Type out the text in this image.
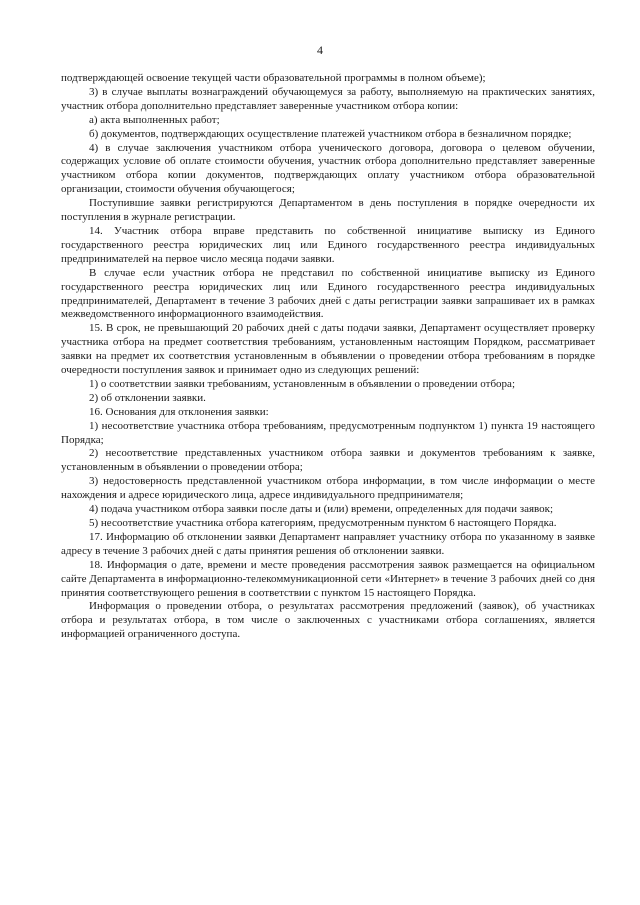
4

подтверждающей освоение текущей части образовательной программы в полном объеме);

3) в случае выплаты вознаграждений обучающемуся за работу, выполняемую на практических занятиях, участник отбора дополнительно представляет заверенные участником отбора копии:

а) акта выполненных работ;

б) документов, подтверждающих осуществление платежей участником отбора в безналичном порядке;

4) в случае заключения участником отбора ученического договора, договора о целевом обучении, содержащих условие об оплате стоимости обучения, участник отбора дополнительно представляет заверенные участником отбора копии документов, подтверждающих оплату участником отбора образовательной организации, стоимости обучения обучающегося;

Поступившие заявки регистрируются Департаментом в день поступления в порядке очередности их поступления в журнале регистрации.

14. Участник отбора вправе представить по собственной инициативе выписку из Единого государственного реестра юридических лиц или Единого государственного реестра индивидуальных предпринимателей на первое число месяца подачи заявки.

В случае если участник отбора не представил по собственной инициативе выписку из Единого государственного реестра юридических лиц или Единого государственного реестра индивидуальных предпринимателей, Департамент в течение 3 рабочих дней с даты регистрации заявки запрашивает их в рамках межведомственного информационного взаимодействия.

15. В срок, не превышающий 20 рабочих дней с даты подачи заявки, Департамент осуществляет проверку участника отбора на предмет соответствия требованиям, установленным настоящим Порядком, рассматривает заявки на предмет их соответствия установленным в объявлении о проведении отбора требованиям в порядке очередности поступления заявок и принимает одно из следующих решений:

1) о соответствии заявки требованиям, установленным в объявлении о проведении отбора;

2) об отклонении заявки.

16. Основания для отклонения заявки:

1) несоответствие участника отбора требованиям, предусмотренным подпунктом 1) пункта 19 настоящего Порядка;

2) несоответствие представленных участником отбора заявки и документов требованиям к заявке, установленным в объявлении о проведении отбора;

3) недостоверность представленной участником отбора информации, в том числе информации о месте нахождения и адресе юридического лица, адресе индивидуального предпринимателя;

4) подача участником отбора заявки после даты и (или) времени, определенных для подачи заявок;

5) несоответствие участника отбора категориям, предусмотренным пунктом 6 настоящего Порядка.

17. Информацию об отклонении заявки Департамент направляет участнику отбора по указанному в заявке адресу в течение 3 рабочих дней с даты принятия решения об отклонении заявки.

18. Информация о дате, времени и месте проведения рассмотрения заявок размещается на официальном сайте Департамента в информационно-телекоммуникационной сети «Интернет» в течение 3 рабочих дней со дня принятия соответствующего решения в соответствии с пунктом 15 настоящего Порядка.

Информация о проведении отбора, о результатах рассмотрения предложений (заявок), об участниках отбора и результатах отбора, в том числе о заключенных с участниками отбора соглашениях, является информацией ограниченного доступа.
